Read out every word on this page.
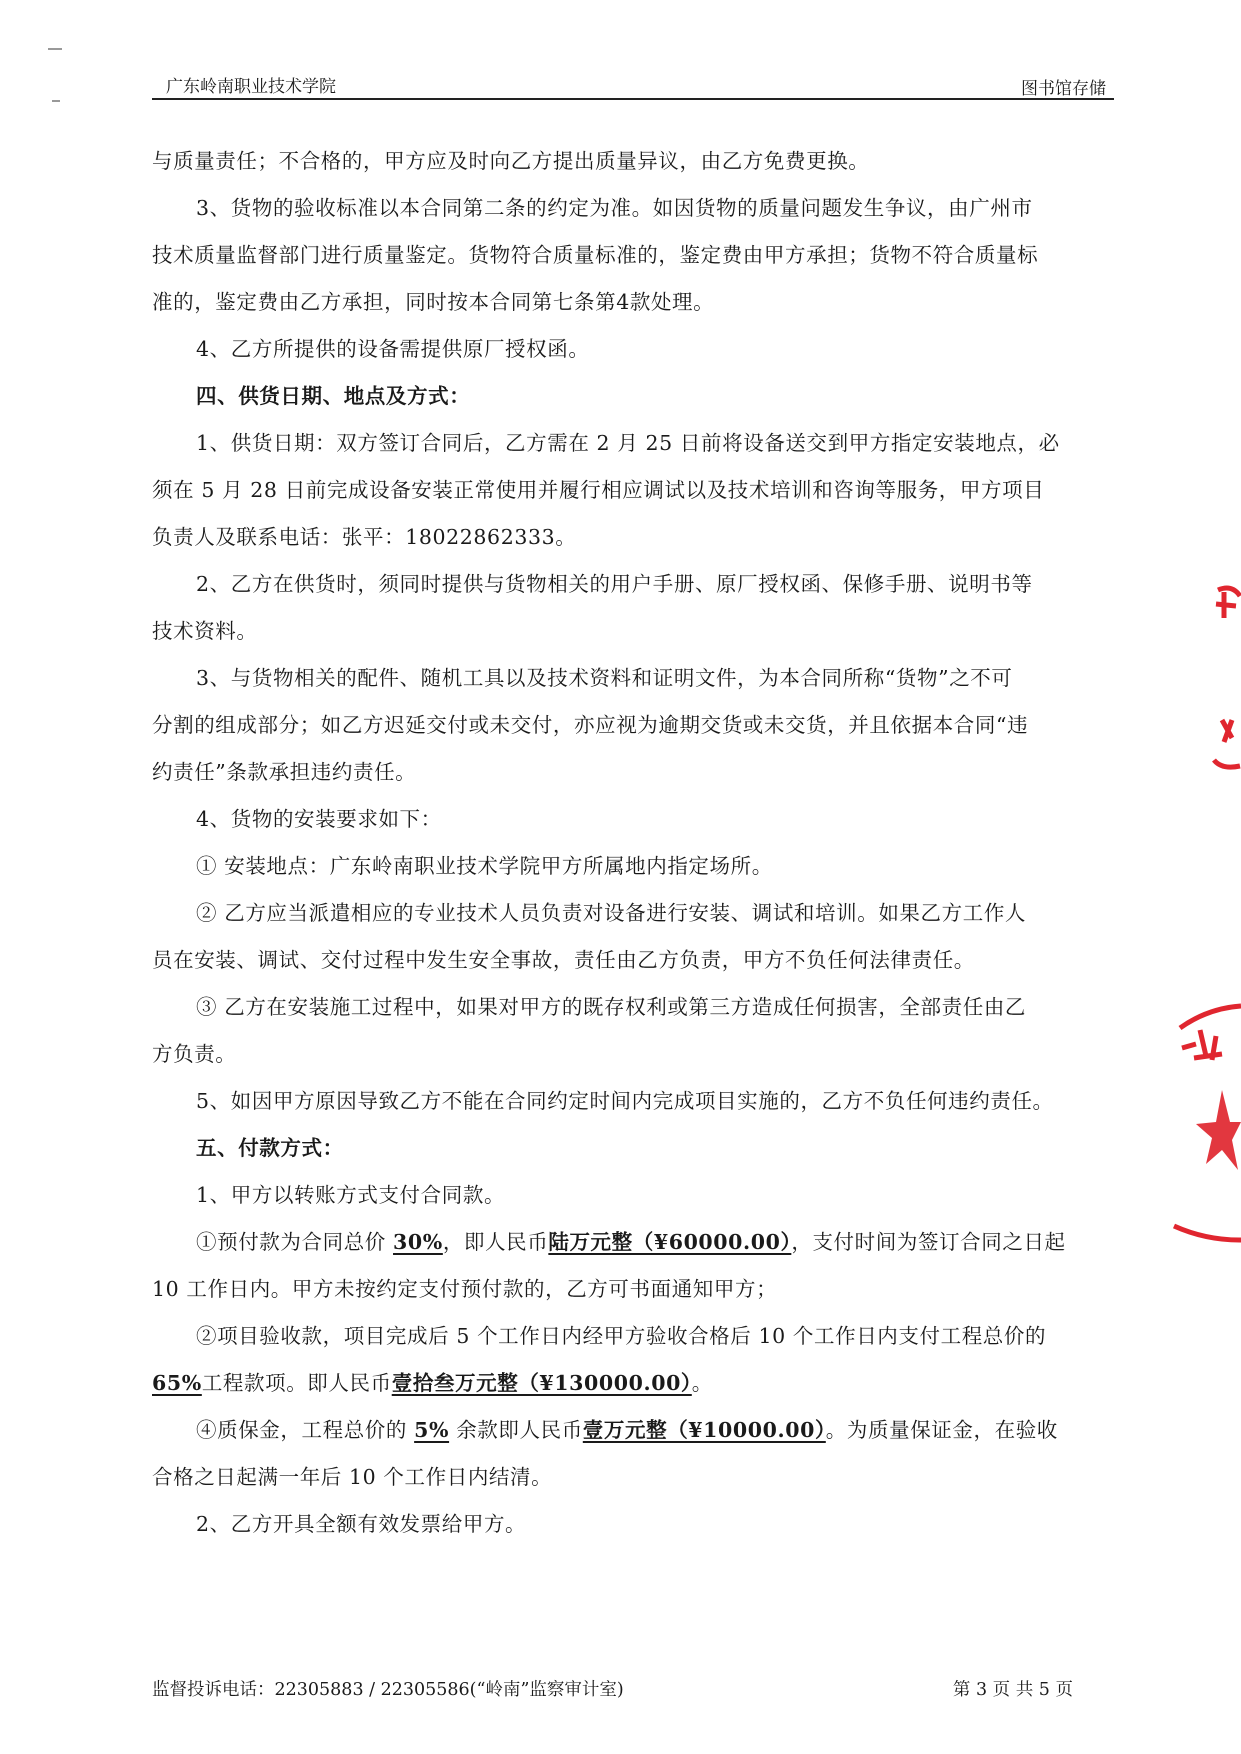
广东岭南职业技术学院	图书馆存储

与质量责任；不合格的，甲方应及时向乙方提出质量异议，由乙方免费更换。

3、货物的验收标准以本合同第二条的约定为准。如因货物的质量问题发生争议，由广州市

技术质量监督部门进行质量鉴定。货物符合质量标准的，鉴定费由甲方承担；货物不符合质量标

准的，鉴定费由乙方承担，同时按本合同第七条第4款处理。

4、乙方所提供的设备需提供原厂授权函。

四、供货日期、地点及方式：

1、供货日期：双方签订合同后，乙方需在 2 月 25 日前将设备送交到甲方指定安装地点，必

须在 5 月 28 日前完成设备安装正常使用并履行相应调试以及技术培训和咨询等服务，甲方项目

负责人及联系电话：张平：18022862333。

2、乙方在供货时，须同时提供与货物相关的用户手册、原厂授权函、保修手册、说明书等

技术资料。

3、与货物相关的配件、随机工具以及技术资料和证明文件，为本合同所称“货物”之不可

分割的组成部分；如乙方迟延交付或未交付，亦应视为逾期交货或未交货，并且依据本合同“违

约责任”条款承担违约责任。

4、货物的安装要求如下：

① 安装地点：广东岭南职业技术学院甲方所属地内指定场所。

② 乙方应当派遣相应的专业技术人员负责对设备进行安装、调试和培训。如果乙方工作人

员在安装、调试、交付过程中发生安全事故，责任由乙方负责，甲方不负任何法律责任。

③ 乙方在安装施工过程中，如果对甲方的既存权利或第三方造成任何损害，全部责任由乙

方负责。

5、如因甲方原因导致乙方不能在合同约定时间内完成项目实施的，乙方不负任何违约责任。

五、付款方式：

1、甲方以转账方式支付合同款。

①预付款为合同总价 30%，即人民币陆万元整（¥60000.00），支付时间为签订合同之日起

10 工作日内。甲方未按约定支付预付款的，乙方可书面通知甲方；

②项目验收款，项目完成后 5 个工作日内经甲方验收合格后 10 个工作日内支付工程总价的

65%工程款项。即人民币壹拾叁万元整（¥130000.00）。

④质保金，工程总价的 5% 余款即人民币壹万元整（¥10000.00）。为质量保证金，在验收

合格之日起满一年后 10 个工作日内结清。

2、乙方开具全额有效发票给甲方。

监督投诉电话：22305883 / 22305586(“岭南”监察审计室)	第 3 页 共 5 页
